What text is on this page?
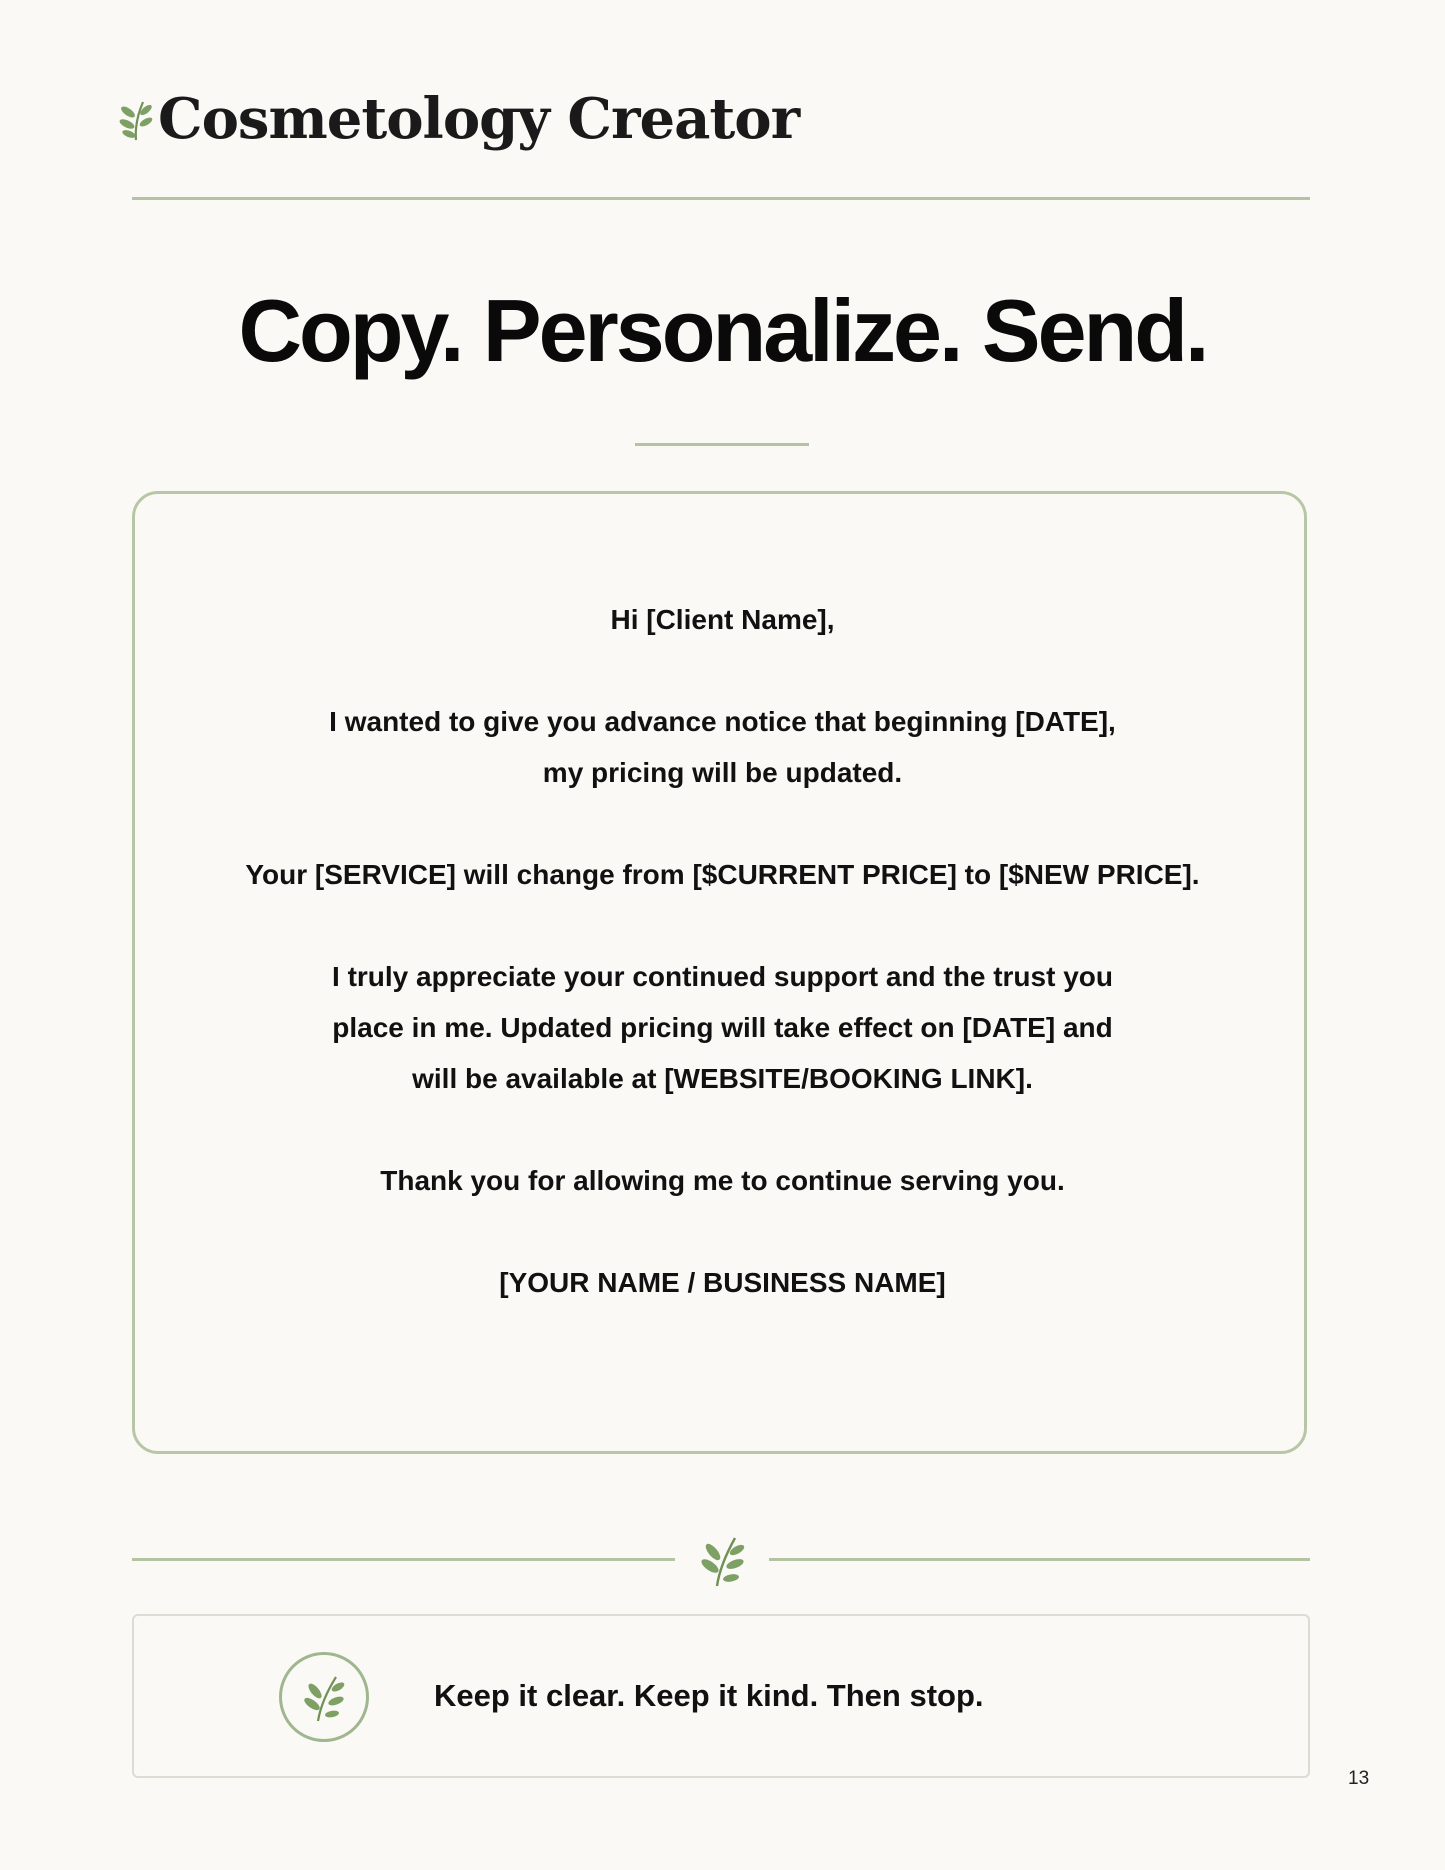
Cosmetology Creator
Copy. Personalize. Send.
Hi [Client Name],
I wanted to give you advance notice that beginning [DATE],
my pricing will be updated.
Your [SERVICE] will change from [$CURRENT PRICE] to [$NEW PRICE].
I truly appreciate your continued support and the trust you
place in me. Updated pricing will take effect on [DATE] and
will be available at [WEBSITE/BOOKING LINK].
Thank you for allowing me to continue serving you.
[YOUR NAME / BUSINESS NAME]
Keep it clear. Keep it kind. Then stop.
13
